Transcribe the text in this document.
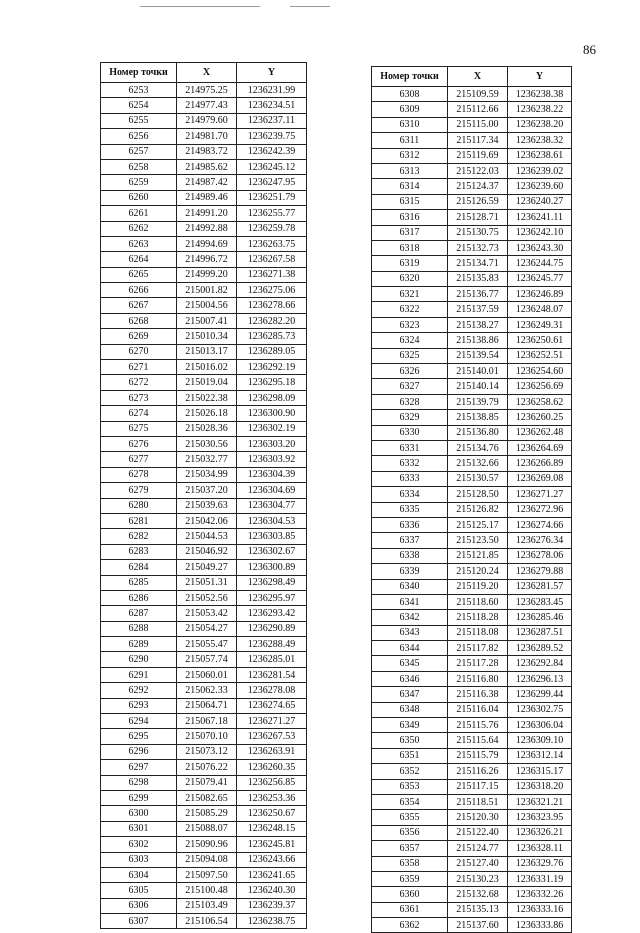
86
Номер точки	X	Y
6253	214975.25	1236231.99
6254	214977.43	1236234.51
6255	214979.60	1236237.11
6256	214981.70	1236239.75
6257	214983.72	1236242.39
6258	214985.62	1236245.12
6259	214987.42	1236247.95
6260	214989.46	1236251.79
6261	214991.20	1236255.77
6262	214992.88	1236259.78
6263	214994.69	1236263.75
6264	214996.72	1236267.58
6265	214999.20	1236271.38
6266	215001.82	1236275.06
6267	215004.56	1236278.66
6268	215007.41	1236282.20
6269	215010.34	1236285.73
6270	215013.17	1236289.05
6271	215016.02	1236292.19
6272	215019.04	1236295.18
6273	215022.38	1236298.09
6274	215026.18	1236300.90
6275	215028.36	1236302.19
6276	215030.56	1236303.20
6277	215032.77	1236303.92
6278	215034.99	1236304.39
6279	215037.20	1236304.69
6280	215039.63	1236304.77
6281	215042.06	1236304.53
6282	215044.53	1236303.85
6283	215046.92	1236302.67
6284	215049.27	1236300.89
6285	215051.31	1236298.49
6286	215052.56	1236295.97
6287	215053.42	1236293.42
6288	215054.27	1236290.89
6289	215055.47	1236288.49
6290	215057.74	1236285.01
6291	215060.01	1236281.54
6292	215062.33	1236278.08
6293	215064.71	1236274.65
6294	215067.18	1236271.27
6295	215070.10	1236267.53
6296	215073.12	1236263.91
6297	215076.22	1236260.35
6298	215079.41	1236256.85
6299	215082.65	1236253.36
6300	215085.29	1236250.67
6301	215088.07	1236248.15
6302	215090.96	1236245.81
6303	215094.08	1236243.66
6304	215097.50	1236241.65
6305	215100.48	1236240.30
6306	215103.49	1236239.37
6307	215106.54	1236238.75
Номер точки	X	Y
6308	215109.59	1236238.38
6309	215112.66	1236238.22
6310	215115.00	1236238.20
6311	215117.34	1236238.32
6312	215119.69	1236238.61
6313	215122.03	1236239.02
6314	215124.37	1236239.60
6315	215126.59	1236240.27
6316	215128.71	1236241.11
6317	215130.75	1236242.10
6318	215132.73	1236243.30
6319	215134.71	1236244.75
6320	215135.83	1236245.77
6321	215136.77	1236246.89
6322	215137.59	1236248.07
6323	215138.27	1236249.31
6324	215138.86	1236250.61
6325	215139.54	1236252.51
6326	215140.01	1236254.60
6327	215140.14	1236256.69
6328	215139.79	1236258.62
6329	215138.85	1236260.25
6330	215136.80	1236262.48
6331	215134.76	1236264.69
6332	215132.66	1236266.89
6333	215130.57	1236269.08
6334	215128.50	1236271.27
6335	215126.82	1236272.96
6336	215125.17	1236274.66
6337	215123.50	1236276.34
6338	215121.85	1236278.06
6339	215120.24	1236279.88
6340	215119.20	1236281.57
6341	215118.60	1236283.45
6342	215118.28	1236285.46
6343	215118.08	1236287.51
6344	215117.82	1236289.52
6345	215117.28	1236292.84
6346	215116.80	1236296.13
6347	215116.38	1236299.44
6348	215116.04	1236302.75
6349	215115.76	1236306.04
6350	215115.64	1236309.10
6351	215115.79	1236312.14
6352	215116.26	1236315.17
6353	215117.15	1236318.20
6354	215118.51	1236321.21
6355	215120.30	1236323.95
6356	215122.40	1236326.21
6357	215124.77	1236328.11
6358	215127.40	1236329.76
6359	215130.23	1236331.19
6360	215132.68	1236332.26
6361	215135.13	1236333.16
6362	215137.60	1236333.86
